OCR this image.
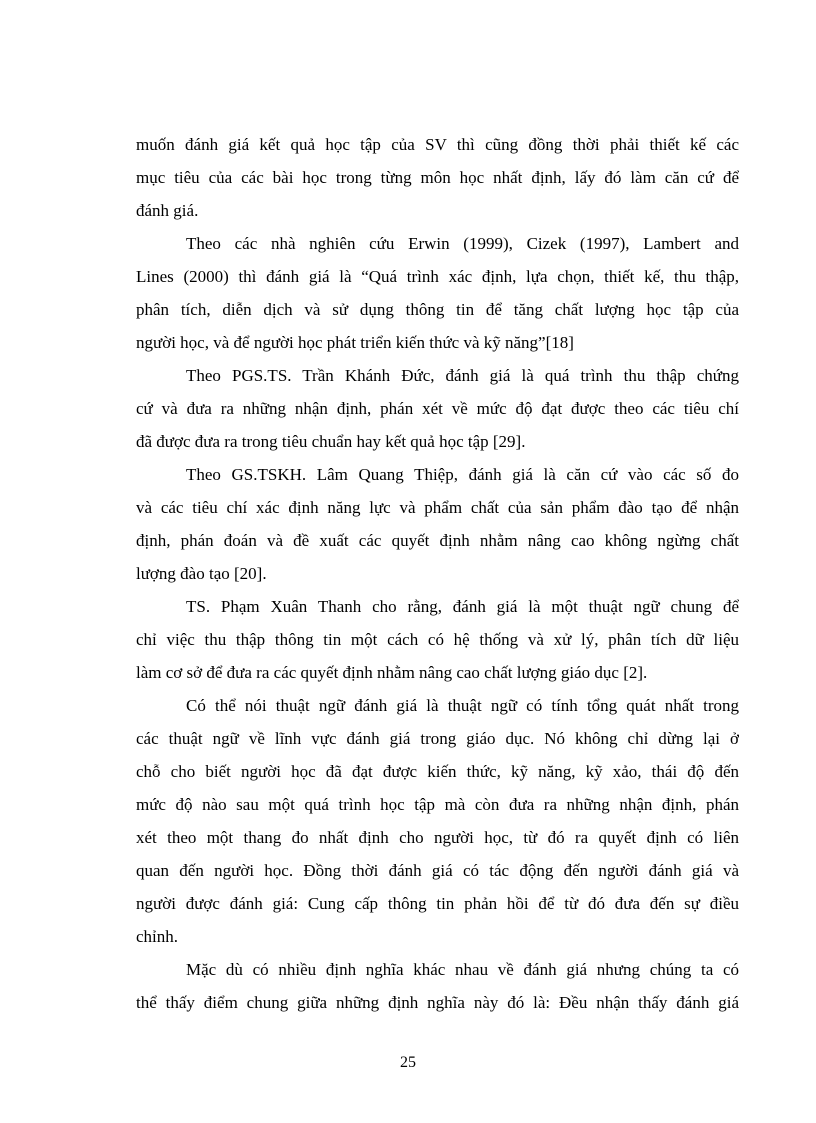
muốn đánh giá kết quả học tập của SV thì cũng đồng thời phải thiết kế các
mục tiêu của các bài học trong từng môn học nhất định, lấy đó làm căn cứ để
đánh giá.
Theo các nhà nghiên cứu Erwin (1999), Cizek (1997), Lambert and
Lines (2000) thì đánh giá là “Quá trình xác định, lựa chọn, thiết kế, thu thập,
phân tích, diễn dịch và sử dụng thông tin để tăng chất lượng học tập của
người học, và để người học phát triển kiến thức và kỹ năng”[18]
Theo PGS.TS. Trần Khánh Đức, đánh giá là quá trình thu thập chứng
cứ và đưa ra những nhận định, phán xét về mức độ đạt được theo các tiêu chí
đã được đưa ra trong tiêu chuẩn hay kết quả học tập [29].
Theo GS.TSKH. Lâm Quang Thiệp, đánh giá là căn cứ vào các số đo
và các tiêu chí xác định năng lực và phẩm chất của sản phẩm đào tạo để nhận
định, phán đoán và đề xuất các quyết định nhằm nâng cao không ngừng chất
lượng đào tạo [20].
TS. Phạm Xuân Thanh cho rằng, đánh giá là một thuật ngữ chung để
chỉ việc thu thập thông tin một cách có hệ thống và xử lý, phân tích dữ liệu
làm cơ sở để đưa ra các quyết định nhằm nâng cao chất lượng giáo dục [2].
Có thể nói thuật ngữ đánh giá là thuật ngữ có tính tổng quát nhất trong
các thuật ngữ về lĩnh vực đánh giá trong giáo dục. Nó không chỉ dừng lại ở
chỗ cho biết người học đã đạt được kiến thức, kỹ năng, kỹ xảo, thái độ đến
mức độ nào sau một quá trình học tập mà còn đưa ra những nhận định, phán
xét theo một thang đo nhất định cho người học, từ đó ra quyết định có liên
quan đến người học. Đồng thời đánh giá có tác động đến người đánh giá và
người được đánh giá: Cung cấp thông tin phản hồi để từ đó đưa đến sự điều
chỉnh.
Mặc dù có nhiều định nghĩa khác nhau về đánh giá nhưng chúng ta có
thể thấy điểm chung giữa những định nghĩa này đó là: Đều nhận thấy đánh giá
25
